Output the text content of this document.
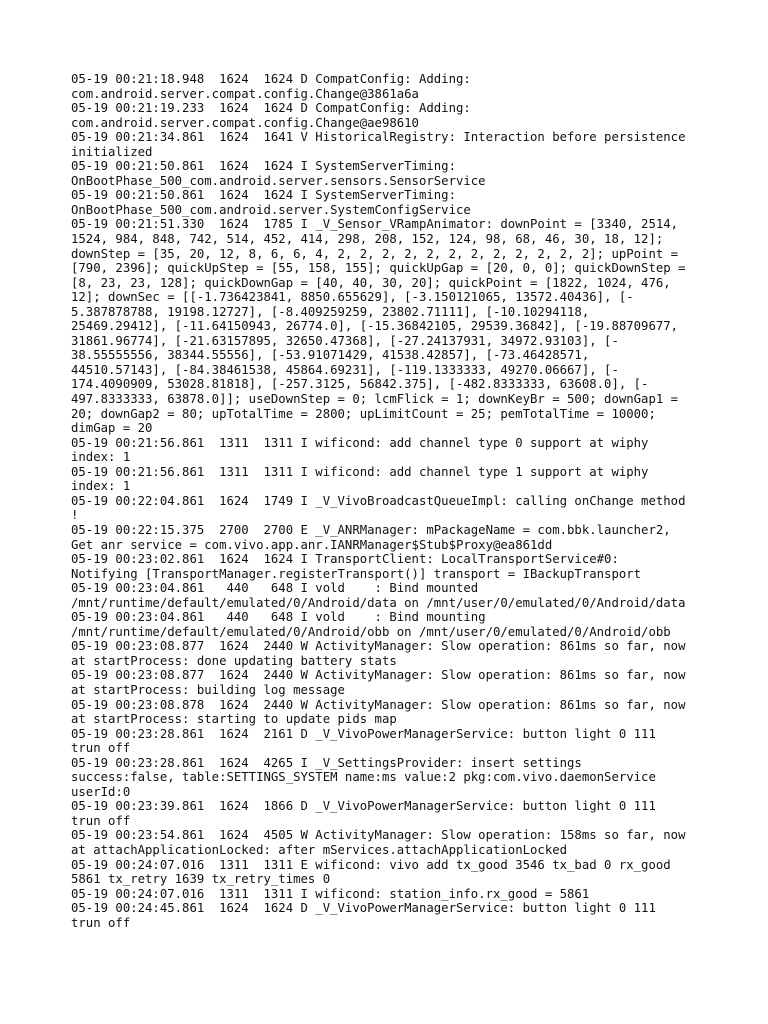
05-19 00:21:18.948  1624  1624 D CompatConfig: Adding:
com.android.server.compat.config.Change@3861a6a
05-19 00:21:19.233  1624  1624 D CompatConfig: Adding:
com.android.server.compat.config.Change@ae98610
05-19 00:21:34.861  1624  1641 V HistoricalRegistry: Interaction before persistence
initialized
05-19 00:21:50.861  1624  1624 I SystemServerTiming:
OnBootPhase_500_com.android.server.sensors.SensorService
05-19 00:21:50.861  1624  1624 I SystemServerTiming:
OnBootPhase_500_com.android.server.SystemConfigService
05-19 00:21:51.330  1624  1785 I _V_Sensor_VRampAnimator: downPoint = [3340, 2514,
1524, 984, 848, 742, 514, 452, 414, 298, 208, 152, 124, 98, 68, 46, 30, 18, 12];
downStep = [35, 20, 12, 8, 6, 6, 4, 2, 2, 2, 2, 2, 2, 2, 2, 2, 2, 2, 2]; upPoint =
[790, 2396]; quickUpStep = [55, 158, 155]; quickUpGap = [20, 0, 0]; quickDownStep =
[8, 23, 23, 128]; quickDownGap = [40, 40, 30, 20]; quickPoint = [1822, 1024, 476,
12]; downSec = [[-1.736423841, 8850.655629], [-3.150121065, 13572.40436], [-
5.387878788, 19198.12727], [-8.409259259, 23802.71111], [-10.10294118,
25469.29412], [-11.64150943, 26774.0], [-15.36842105, 29539.36842], [-19.88709677,
31861.96774], [-21.63157895, 32650.47368], [-27.24137931, 34972.93103], [-
38.55555556, 38344.55556], [-53.91071429, 41538.42857], [-73.46428571,
44510.57143], [-84.38461538, 45864.69231], [-119.1333333, 49270.06667], [-
174.4090909, 53028.81818], [-257.3125, 56842.375], [-482.8333333, 63608.0], [-
497.8333333, 63878.0]]; useDownStep = 0; lcmFlick = 1; downKeyBr = 500; downGap1 =
20; downGap2 = 80; upTotalTime = 2800; upLimitCount = 25; pemTotalTime = 10000;
dimGap = 20
05-19 00:21:56.861  1311  1311 I wificond: add channel type 0 support at wiphy
index: 1
05-19 00:21:56.861  1311  1311 I wificond: add channel type 1 support at wiphy
index: 1
05-19 00:22:04.861  1624  1749 I _V_VivoBroadcastQueueImpl: calling onChange method
!
05-19 00:22:15.375  2700  2700 E _V_ANRManager: mPackageName = com.bbk.launcher2,
Get anr service = com.vivo.app.anr.IANRManager$Stub$Proxy@ea861dd
05-19 00:23:02.861  1624  1624 I TransportClient: LocalTransportService#0:
Notifying [TransportManager.registerTransport()] transport = IBackupTransport
05-19 00:23:04.861   440   648 I vold    : Bind mounted
/mnt/runtime/default/emulated/0/Android/data on /mnt/user/0/emulated/0/Android/data
05-19 00:23:04.861   440   648 I vold    : Bind mounting
/mnt/runtime/default/emulated/0/Android/obb on /mnt/user/0/emulated/0/Android/obb
05-19 00:23:08.877  1624  2440 W ActivityManager: Slow operation: 861ms so far, now
at startProcess: done updating battery stats
05-19 00:23:08.877  1624  2440 W ActivityManager: Slow operation: 861ms so far, now
at startProcess: building log message
05-19 00:23:08.878  1624  2440 W ActivityManager: Slow operation: 861ms so far, now
at startProcess: starting to update pids map
05-19 00:23:28.861  1624  2161 D _V_VivoPowerManagerService: button light 0 111
trun off
05-19 00:23:28.861  1624  4265 I _V_SettingsProvider: insert settings
success:false, table:SETTINGS_SYSTEM name:ms value:2 pkg:com.vivo.daemonService
userId:0
05-19 00:23:39.861  1624  1866 D _V_VivoPowerManagerService: button light 0 111
trun off
05-19 00:23:54.861  1624  4505 W ActivityManager: Slow operation: 158ms so far, now
at attachApplicationLocked: after mServices.attachApplicationLocked
05-19 00:24:07.016  1311  1311 E wificond: vivo add tx_good 3546 tx_bad 0 rx_good
5861 tx_retry 1639 tx_retry_times 0
05-19 00:24:07.016  1311  1311 I wificond: station_info.rx_good = 5861
05-19 00:24:45.861  1624  1624 D _V_VivoPowerManagerService: button light 0 111
trun off
